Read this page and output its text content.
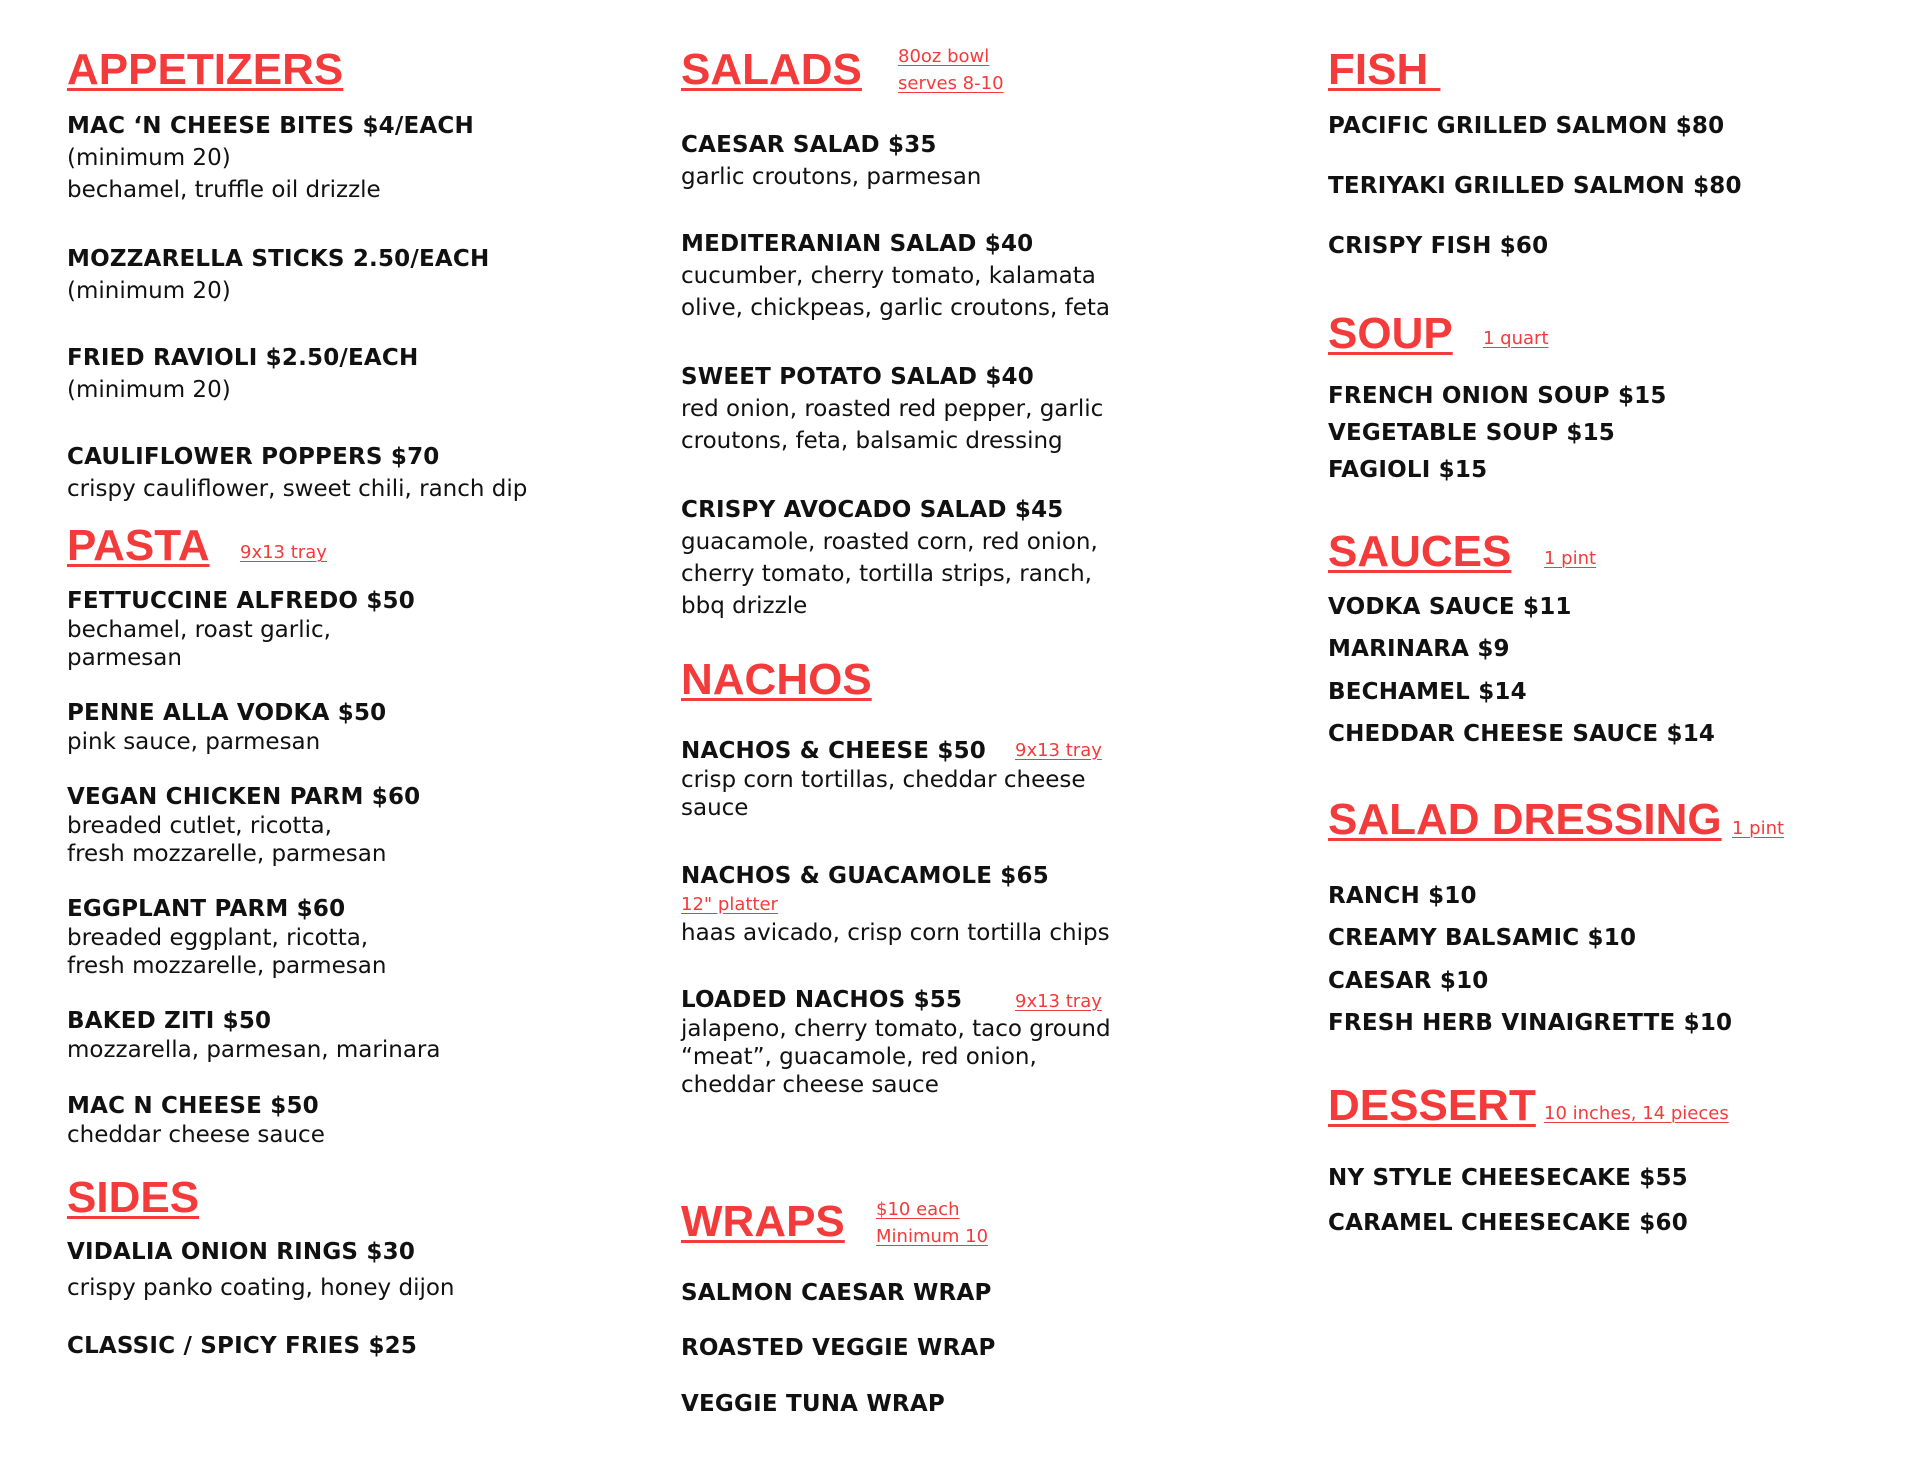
APPETIZERS
MAC ‘N CHEESE BITES $4/EACH
(minimum 20)
bechamel, truffle oil drizzle
MOZZARELLA STICKS 2.50/EACH
(minimum 20)
FRIED RAVIOLI $2.50/EACH
(minimum 20)
CAULIFLOWER POPPERS $70
crispy cauliflower, sweet chili, ranch dip
PASTA 9x13 tray
FETTUCCINE ALFREDO $50
bechamel, roast garlic,
parmesan
PENNE ALLA VODKA $50
pink sauce, parmesan
VEGAN CHICKEN PARM $60
breaded cutlet, ricotta,
fresh mozzarelle, parmesan
EGGPLANT PARM $60
breaded eggplant, ricotta,
fresh mozzarelle, parmesan
BAKED ZITI $50
mozzarella, parmesan, marinara
MAC N CHEESE $50
cheddar cheese sauce
SIDES
VIDALIA ONION RINGS $30
crispy panko coating, honey dijon
CLASSIC / SPICY FRIES $25
SALADS 80oz bowl
serves 8-10
CAESAR SALAD $35
garlic croutons, parmesan
MEDITERANIAN SALAD $40
cucumber, cherry tomato, kalamata
olive, chickpeas, garlic croutons, feta
SWEET POTATO SALAD $40
red onion, roasted red pepper, garlic
croutons, feta, balsamic dressing
CRISPY AVOCADO SALAD $45
guacamole, roasted corn, red onion,
cherry tomato, tortilla strips, ranch,
bbq drizzle
NACHOS
NACHOS & CHEESE $50
crisp corn tortillas, cheddar cheese
sauce
9x13 tray
NACHOS & GUACAMOLE $65
12" platter
haas avicado, crisp corn tortilla chips
LOADED NACHOS $55
jalapeno, cherry tomato, taco ground
“meat”, guacamole, red onion,
cheddar cheese sauce
9x13 tray
WRAPS $10 each
Minimum 10
SALMON CAESAR WRAP
ROASTED VEGGIE WRAP
VEGGIE TUNA WRAP
FISH
PACIFIC GRILLED SALMON $80
TERIYAKI GRILLED SALMON $80
CRISPY FISH $60
SOUP 1 quart
FRENCH ONION SOUP $15
VEGETABLE SOUP $15
FAGIOLI $15
SAUCES 1 pint
VODKA SAUCE $11
MARINARA $9
BECHAMEL $14
CHEDDAR CHEESE SAUCE $14
SALAD DRESSING 1 pint
RANCH $10
CREAMY BALSAMIC $10
CAESAR $10
FRESH HERB VINAIGRETTE $10
DESSERT 10 inches, 14 pieces
NY STYLE CHEESECAKE $55
CARAMEL CHEESECAKE $60
